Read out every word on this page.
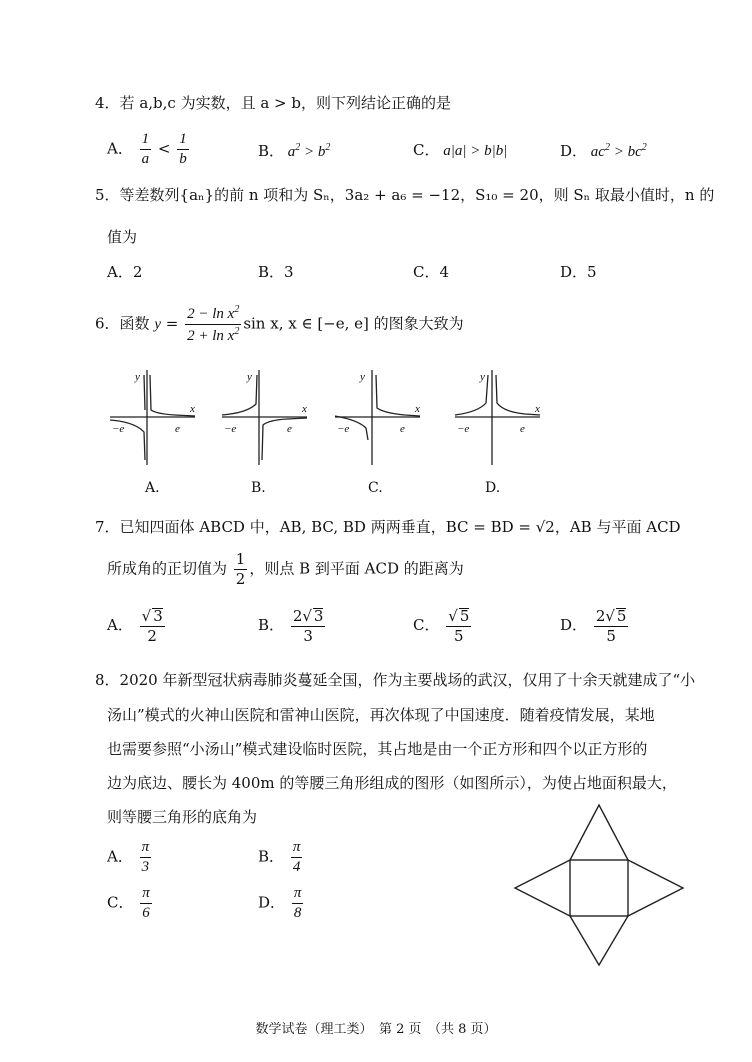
4．若 a,b,c 为实数，且 a > b，则下列结论正确的是
A． $\frac{1}{a} < \frac{1}{b}$	B． $a^2 > b^2$	C． a|a| > b|b|	D． $ac^2 > bc^2$
5．等差数列{aₙ}的前 n 项和为 Sₙ，3a₂ + a₆ = −12，S₁₀ = 20，则 Sₙ 取最小值时，n 的
值为
A．2	B．3	C．4	D．5
6．函数 $y = \frac{2 - \ln x^2}{2 + \ln x^2}$ sin x, x ∈ [−e, e] 的图象大致为
y
x
−e	e
y
x
−e	e
y
x
−e	e
y
x
−e	e
A.	B.	C.	D.
7．已知四面体 ABCD 中，AB, BC, BD 两两垂直，BC = BD = √2，AB 与平面 ACD
所成角的正切值为 $\frac{1}{2}$ ，则点 B 到平面 ACD 的距离为
A． $\frac{√ 3}{2}$	B． $\frac{2√ 3}{3}$	C． $\frac{√ 5}{5}$	D． $\frac{2√ 5}{5}$
8．2020 年新型冠状病毒肺炎蔓延全国，作为主要战场的武汉，仅用了十余天就建成了“小
汤山”模式的火神山医院和雷神山医院，再次体现了中国速度．随着疫情发展，某地
也需要参照“小汤山”模式建设临时医院，其占地是由一个正方形和四个以正方形的
边为底边、腰长为 400m 的等腰三角形组成的图形（如图所示），为使占地面积最大，
则等腰三角形的底角为
A． $\frac{\pi}{3}$	B． $\frac{\pi}{4}$
C． $\frac{\pi}{6}$	D． $\frac{\pi}{8}$
数学试卷（理工类）　第 2 页　（共 8 页）
